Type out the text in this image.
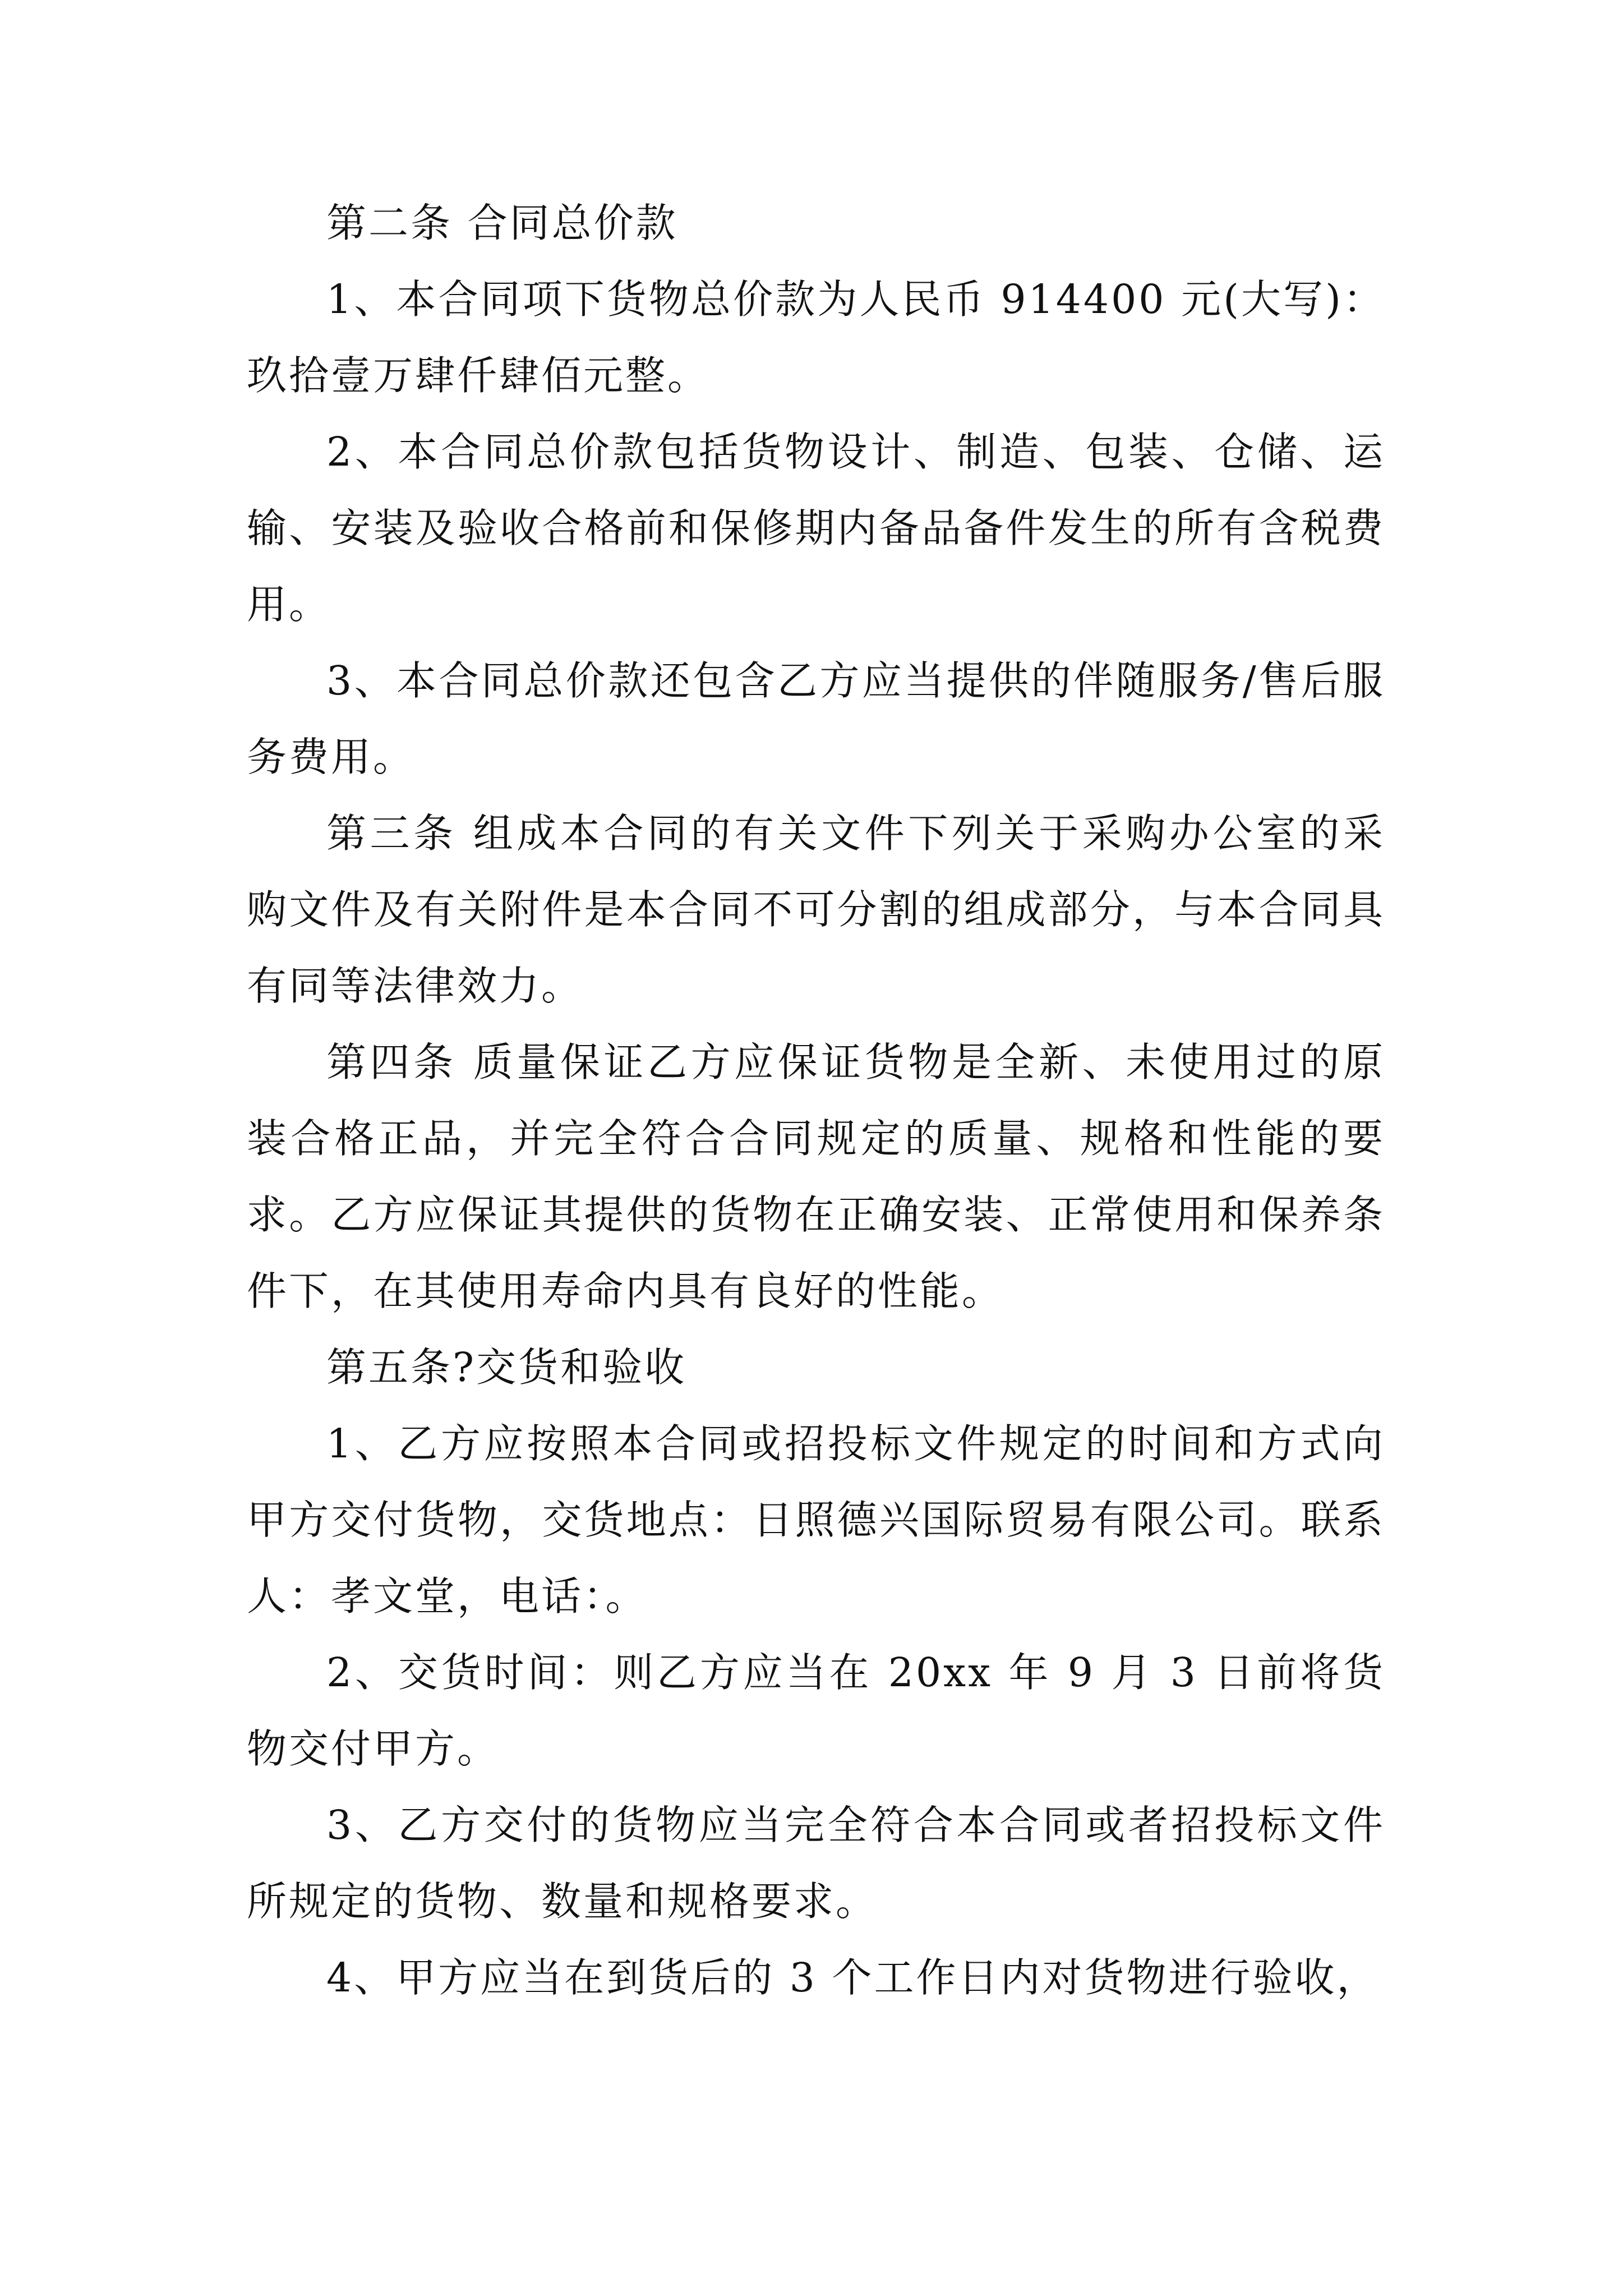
第二条 合同总价款

1、本合同项下货物总价款为人民币 914400 元(大写)：玖拾壹万肆仟肆佰元整。

2、本合同总价款包括货物设计、制造、包装、仓储、运输、安装及验收合格前和保修期内备品备件发生的所有含税费用。

3、本合同总价款还包含乙方应当提供的伴随服务/售后服务费用。

第三条 组成本合同的有关文件下列关于采购办公室的采购文件及有关附件是本合同不可分割的组成部分，与本合同具有同等法律效力。

第四条 质量保证乙方应保证货物是全新、未使用过的原装合格正品，并完全符合合同规定的质量、规格和性能的要求。乙方应保证其提供的货物在正确安装、正常使用和保养条件下，在其使用寿命内具有良好的性能。

第五条?交货和验收

1、乙方应按照本合同或招投标文件规定的时间和方式向甲方交付货物，交货地点：日照德兴国际贸易有限公司。联系人：孝文堂，电话：。

2、交货时间：则乙方应当在 20xx 年 9 月 3 日前将货物交付甲方。

3、乙方交付的货物应当完全符合本合同或者招投标文件所规定的货物、数量和规格要求。

4、甲方应当在到货后的 3 个工作日内对货物进行验收，
